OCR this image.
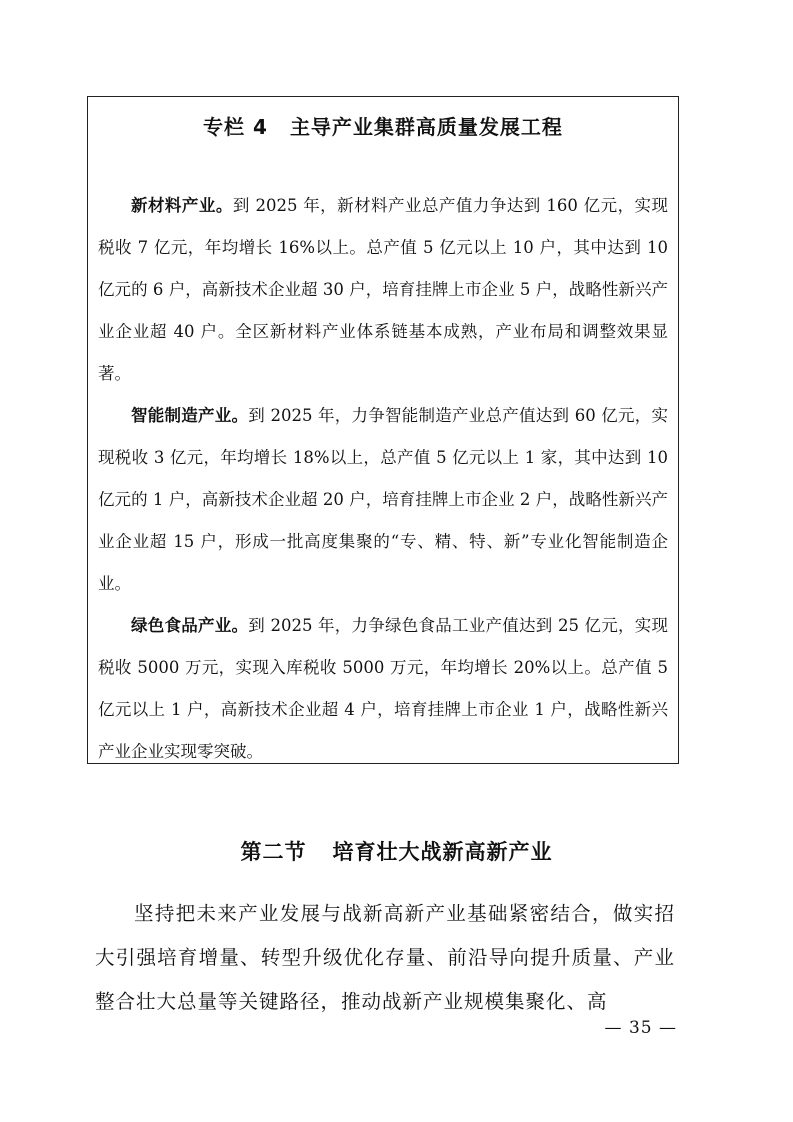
专栏 4 主导产业集群高质量发展工程

新材料产业。到 2025 年，新材料产业总产值力争达到 160 亿元，实现税收 7 亿元，年均增长 16%以上。总产值 5 亿元以上 10 户，其中达到 10 亿元的 6 户，高新技术企业超 30 户，培育挂牌上市企业 5 户，战略性新兴产业企业超 40 户。全区新材料产业体系链基本成熟，产业布局和调整效果显著。

智能制造产业。到 2025 年，力争智能制造产业总产值达到 60 亿元，实现税收 3 亿元，年均增长 18%以上，总产值 5 亿元以上 1 家，其中达到 10 亿元的 1 户，高新技术企业超 20 户，培育挂牌上市企业 2 户，战略性新兴产业企业超 15 户，形成一批高度集聚的“专、精、特、新”专业化智能制造企业。

绿色食品产业。到 2025 年，力争绿色食品工业产值达到 25 亿元，实现税收 5000 万元，实现入库税收 5000 万元，年均增长 20%以上。总产值 5 亿元以上 1 户，高新技术企业超 4 户，培育挂牌上市企业 1 户，战略性新兴产业企业实现零突破。

第二节 培育壮大战新高新产业

坚持把未来产业发展与战新高新产业基础紧密结合，做实招大引强培育增量、转型升级优化存量、前沿导向提升质量、产业整合壮大总量等关键路径，推动战新产业规模集聚化、高

— 35 —
